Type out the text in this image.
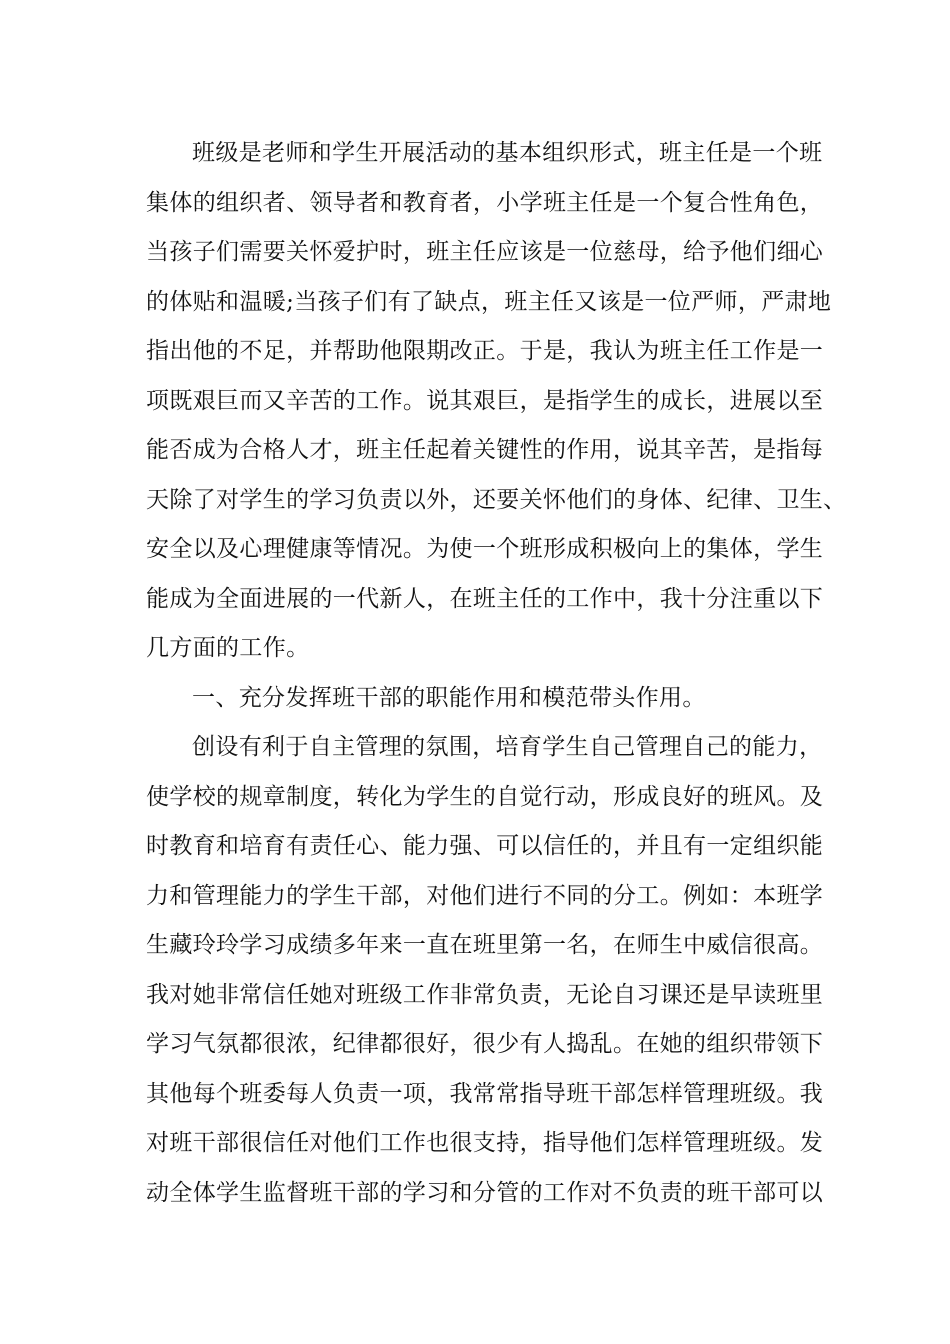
班级是老师和学生开展活动的基本组织形式，班主任是一个班
集体的组织者、领导者和教育者，小学班主任是一个复合性角色，
当孩子们需要关怀爱护时，班主任应该是一位慈母，给予他们细心
的体贴和温暖;当孩子们有了缺点，班主任又该是一位严师，严肃地
指出他的不足，并帮助他限期改正。于是，我认为班主任工作是一
项既艰巨而又辛苦的工作。说其艰巨，是指学生的成长，进展以至
能否成为合格人才，班主任起着关键性的作用，说其辛苦，是指每
天除了对学生的学习负责以外，还要关怀他们的身体、纪律、卫生、
安全以及心理健康等情况。为使一个班形成积极向上的集体，学生
能成为全面进展的一代新人，在班主任的工作中，我十分注重以下
几方面的工作。
一、充分发挥班干部的职能作用和模范带头作用。
创设有利于自主管理的氛围，培育学生自己管理自己的能力，
使学校的规章制度，转化为学生的自觉行动，形成良好的班风。及
时教育和培育有责任心、能力强、可以信任的，并且有一定组织能
力和管理能力的学生干部，对他们进行不同的分工。例如：本班学
生藏玲玲学习成绩多年来一直在班里第一名，在师生中威信很高。
我对她非常信任她对班级工作非常负责，无论自习课还是早读班里
学习气氛都很浓，纪律都很好，很少有人捣乱。在她的组织带领下
其他每个班委每人负责一项，我常常指导班干部怎样管理班级。我
对班干部很信任对他们工作也很支持，指导他们怎样管理班级。发
动全体学生监督班干部的学习和分管的工作对不负责的班干部可以
